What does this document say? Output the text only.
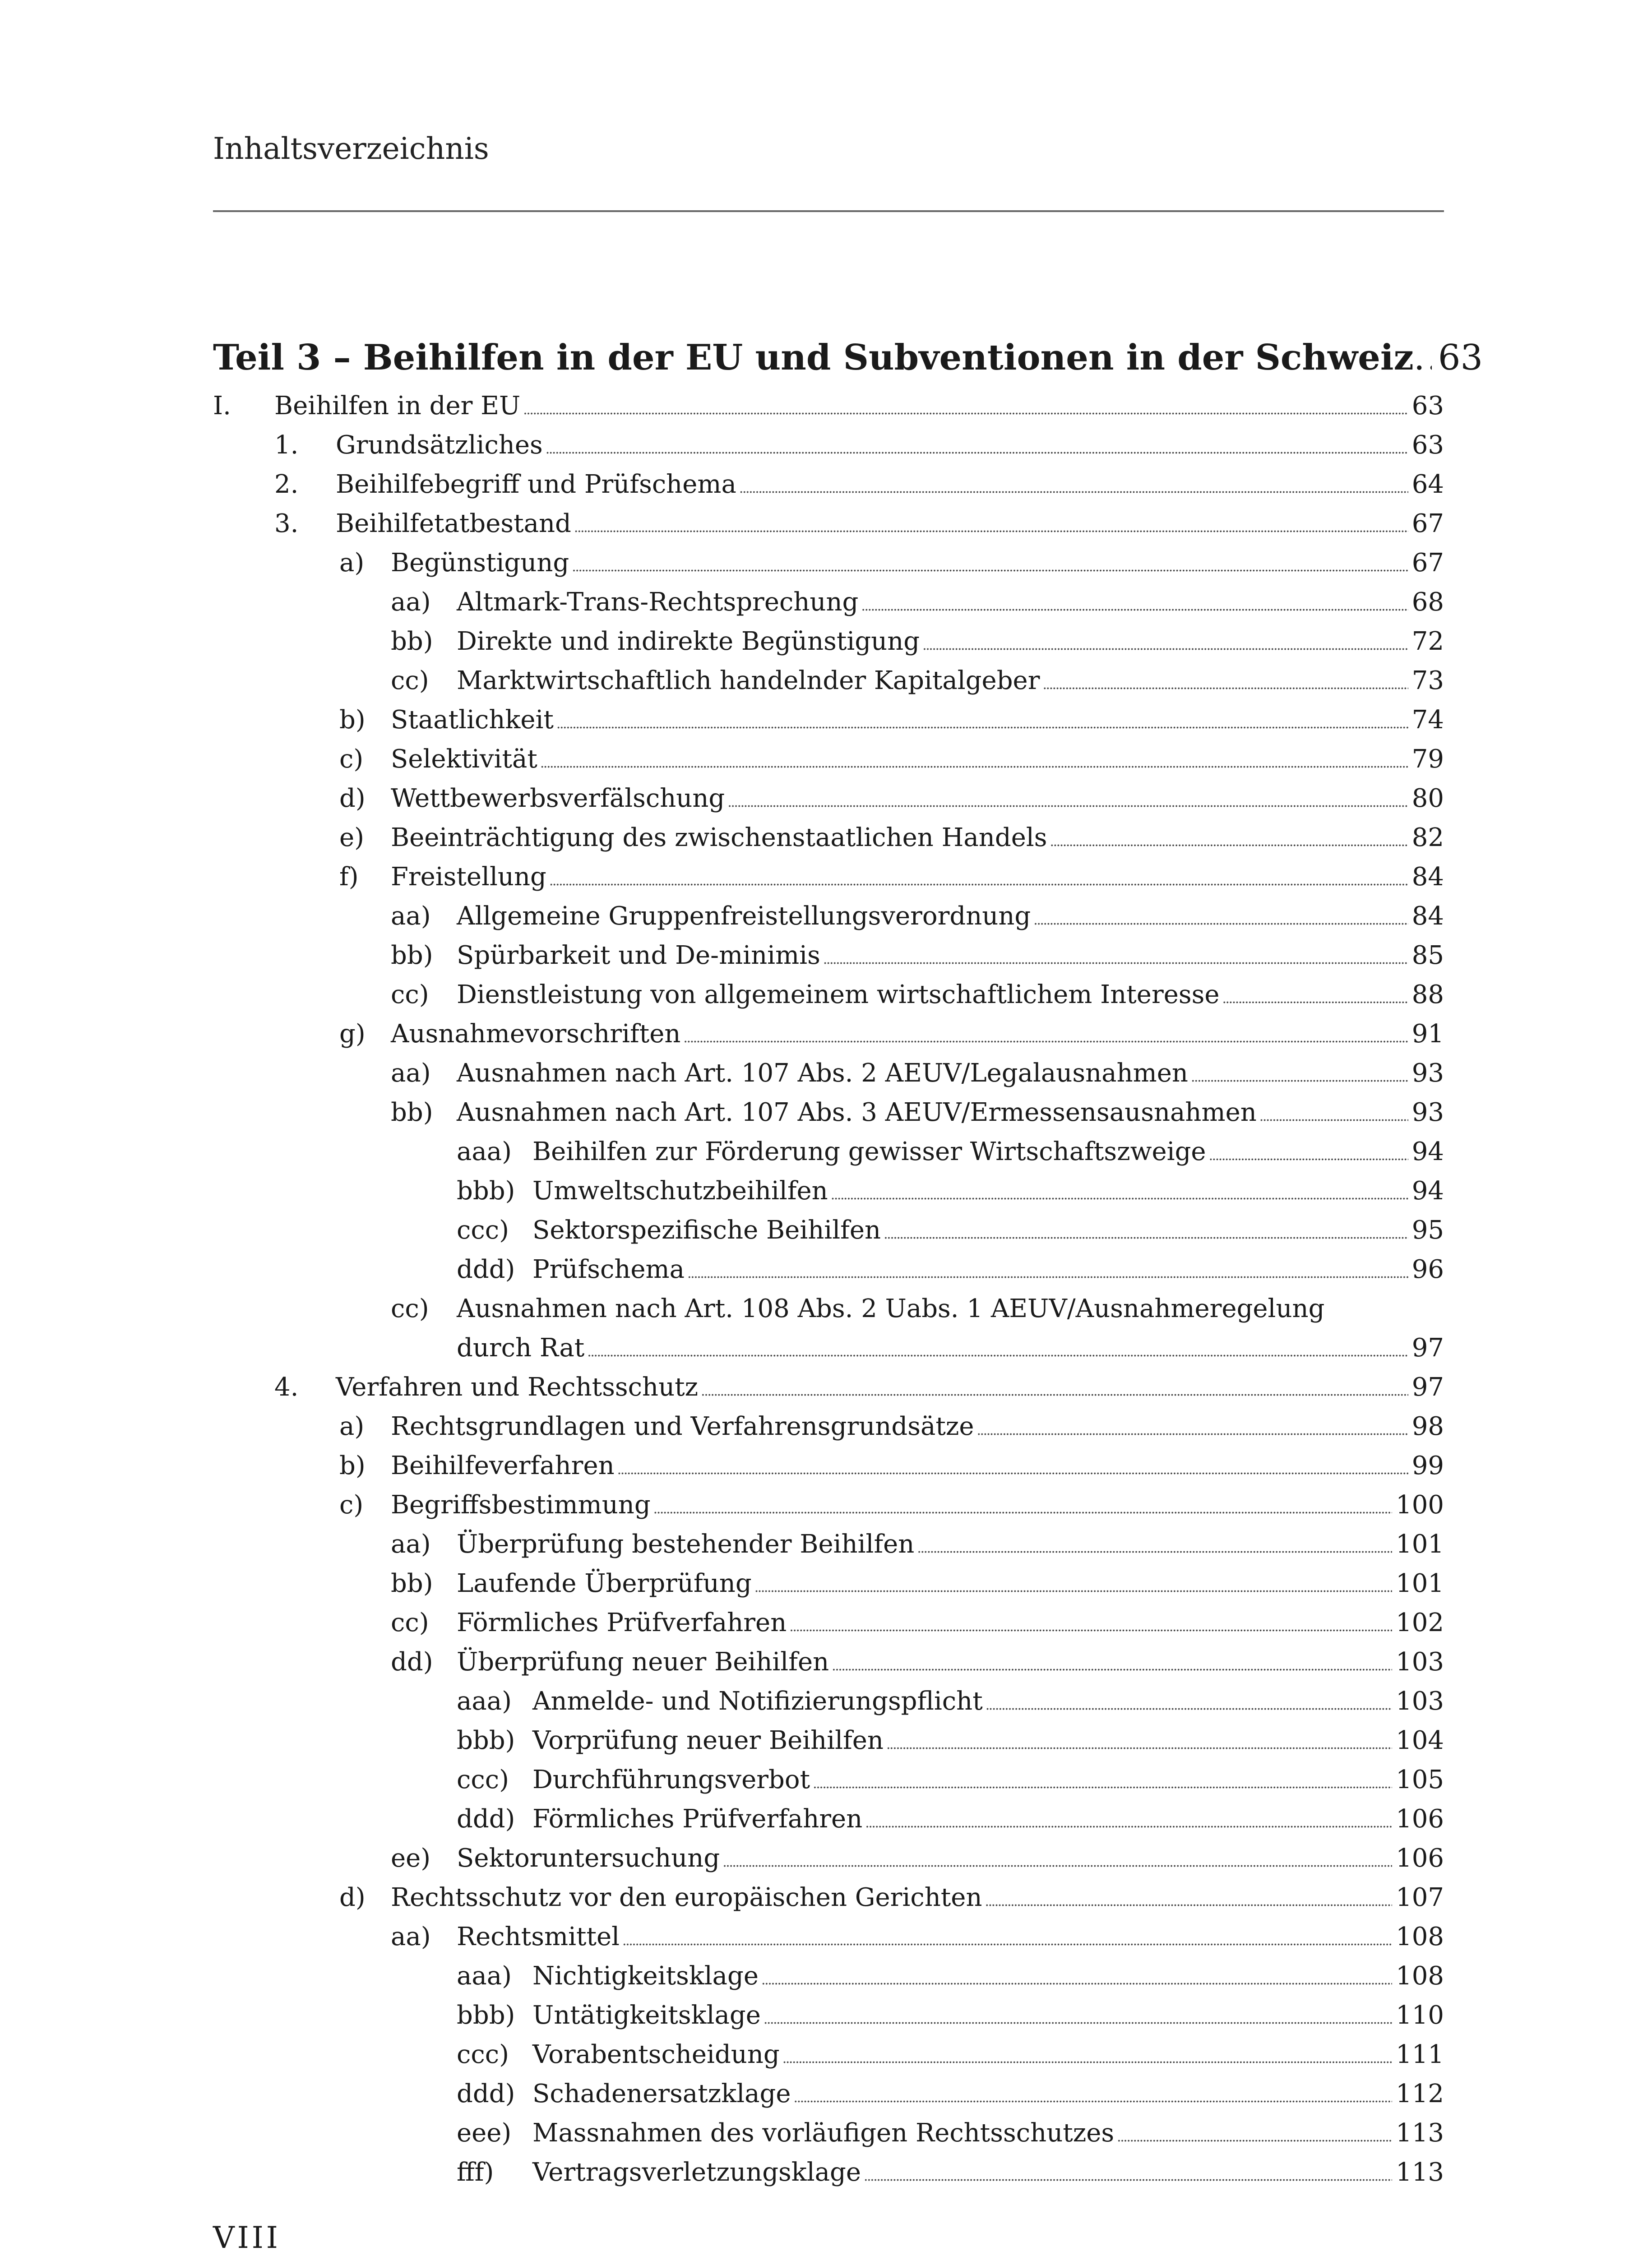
Inhaltsverzeichnis
Teil 3 – Beihilfen in der EU und Subventionen in der Schweiz . . . 63
I.	Beihilfen in der EU . . .	63
1.	Grundsätzliches . . .	63
2.	Beihilfebegriff und Prüfschema . . .	64
3.	Beihilfetatbestand . . .	67
a)	Begünstigung . . .	67
aa)	Altmark-Trans-Rechtsprechung . . .	68
bb) Direkte und indirekte Begünstigung . . .	72
cc)	Marktwirtschaftlich handelnder Kapitalgeber . . .	73
b)	Staatlichkeit . . .	74
c)	Selektivität . . .	79
d)	Wettbewerbsverfälschung . . .	80
e)	Beeinträchtigung des zwischenstaatlichen Handels . . .	82
f)	Freistellung . . .	84
aa)	Allgemeine Gruppenfreistellungsverordnung . . .	84
bb) Spürbarkeit und De-minimis . . .	85
cc)	Dienstleistung von allgemeinem wirtschaftlichem Interesse . . .	88
g)	Ausnahmevorschriften . . .	91
aa)	Ausnahmen nach Art. 107 Abs. 2 AEUV/Legalausnahmen . . .	93
bb) Ausnahmen nach Art. 107 Abs. 3 AEUV/Ermessensausnahmen . . .	93
aaa) Beihilfen zur Förderung gewisser Wirtschaftszweige . . .	94
bbb) Umweltschutzbeihilfen . . .	94
ccc) Sektorspezifische Beihilfen . . .	95
ddd) Prüfschema . . .	96
cc)	Ausnahmen nach Art. 108 Abs. 2 Uabs. 1 AEUV/Ausnahmeregelung
durch Rat . . .	97
4.	Verfahren und Rechtsschutz . . .	97
a)	Rechtsgrundlagen und Verfahrensgrundsätze . . .	98
b)	Beihilfeverfahren . . .	99
c)	Begriffsbestimmung . . .	100
aa)	Überprüfung bestehender Beihilfen . . .	101
bb) Laufende Überprüfung . . .	101
cc)	Förmliches Prüfverfahren . . .	102
dd) Überprüfung neuer Beihilfen . . .	103
aaa) Anmelde- und Notifizierungspflicht . . .	103
bbb) Vorprüfung neuer Beihilfen . . .	104
ccc) Durchführungsverbot . . .	105
ddd) Förmliches Prüfverfahren . . .	106
ee)	Sektoruntersuchung . . .	106
d)	Rechtsschutz vor den europäischen Gerichten . . .	107
aa)	Rechtsmittel . . .	108
aaa) Nichtigkeitsklage . . .	108
bbb) Untätigkeitsklage . . .	110
ccc) Vorabentscheidung . . .	111
ddd) Schadenersatzklage . . .	112
eee) Massnahmen des vorläufigen Rechtsschutzes . . .	113
fff)	Vertragsverletzungsklage . . .	113
VIII
